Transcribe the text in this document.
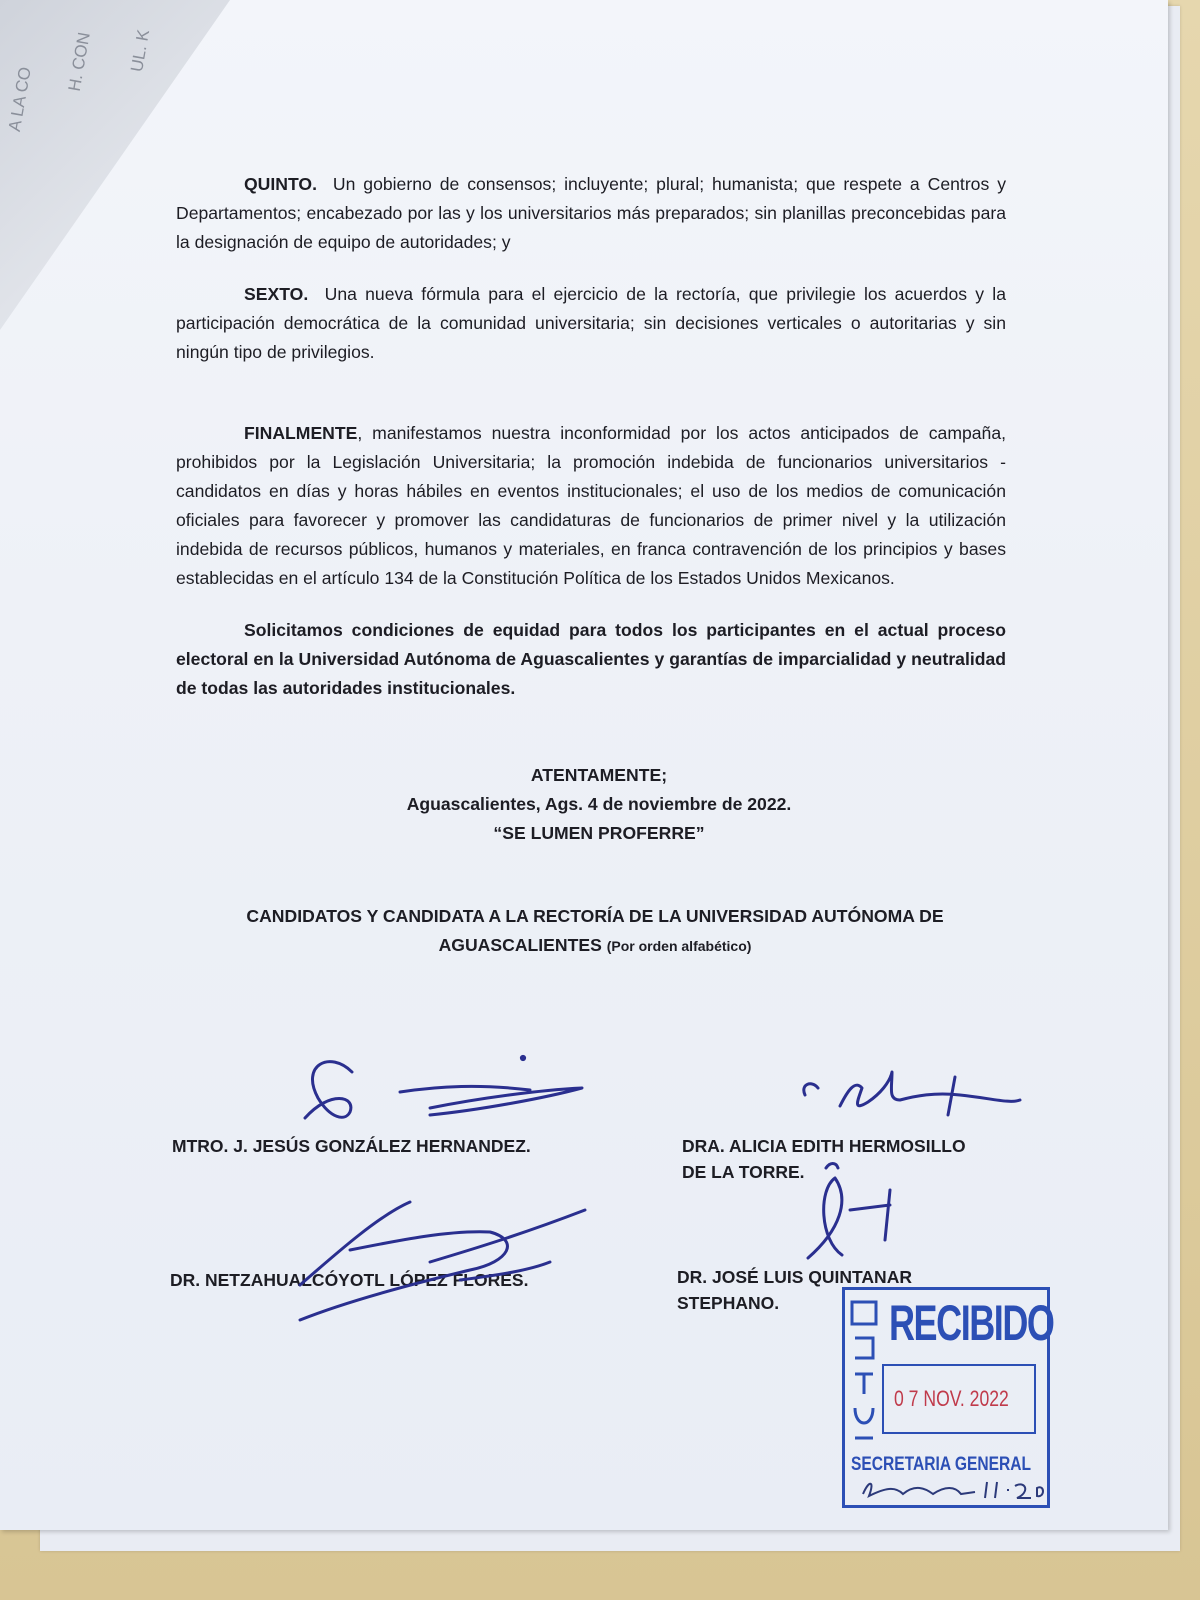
H. CON
A LA CO
UL. K

QUINTO. Un gobierno de consensos; incluyente; plural; humanista; que respete a Centros y Departamentos; encabezado por las y los universitarios más preparados; sin planillas preconcebidas para la designación de equipo de autoridades; y

SEXTO. Una nueva fórmula para el ejercicio de la rectoría, que privilegie los acuerdos y la participación democrática de la comunidad universitaria; sin decisiones verticales o autoritarias y sin ningún tipo de privilegios.

FINALMENTE, manifestamos nuestra inconformidad por los actos anticipados de campaña, prohibidos por la Legislación Universitaria; la promoción indebida de funcionarios universitarios - candidatos en días y horas hábiles en eventos institucionales; el uso de los medios de comunicación oficiales para favorecer y promover las candidaturas de funcionarios de primer nivel y la utilización indebida de recursos públicos, humanos y materiales, en franca contravención de los principios y bases establecidas en el artículo 134 de la Constitución Política de los Estados Unidos Mexicanos.

Solicitamos condiciones de equidad para todos los participantes en el actual proceso electoral en la Universidad Autónoma de Aguascalientes y garantías de imparcialidad y neutralidad de todas las autoridades institucionales.

ATENTAMENTE;

Aguascalientes, Ags. 4 de noviembre de 2022.

“SE LUMEN PROFERRE”

CANDIDATOS Y CANDIDATA A LA RECTORÍA DE LA UNIVERSIDAD AUTÓNOMA DE

AGUASCALIENTES (Por orden alfabético)

MTRO. J. JESÚS GONZÁLEZ HERNANDEZ.	DRA. ALICIA EDITH HERMOSILLO
DE LA TORRE.
DR. NETZAHUALCÓYOTL LÓPEZ FLORES.	DR. JOSÉ LUIS QUINTANAR
STEPHANO.	RECIBIDO
0 7 NOV. 2022
SECRETARIA GENERAL
